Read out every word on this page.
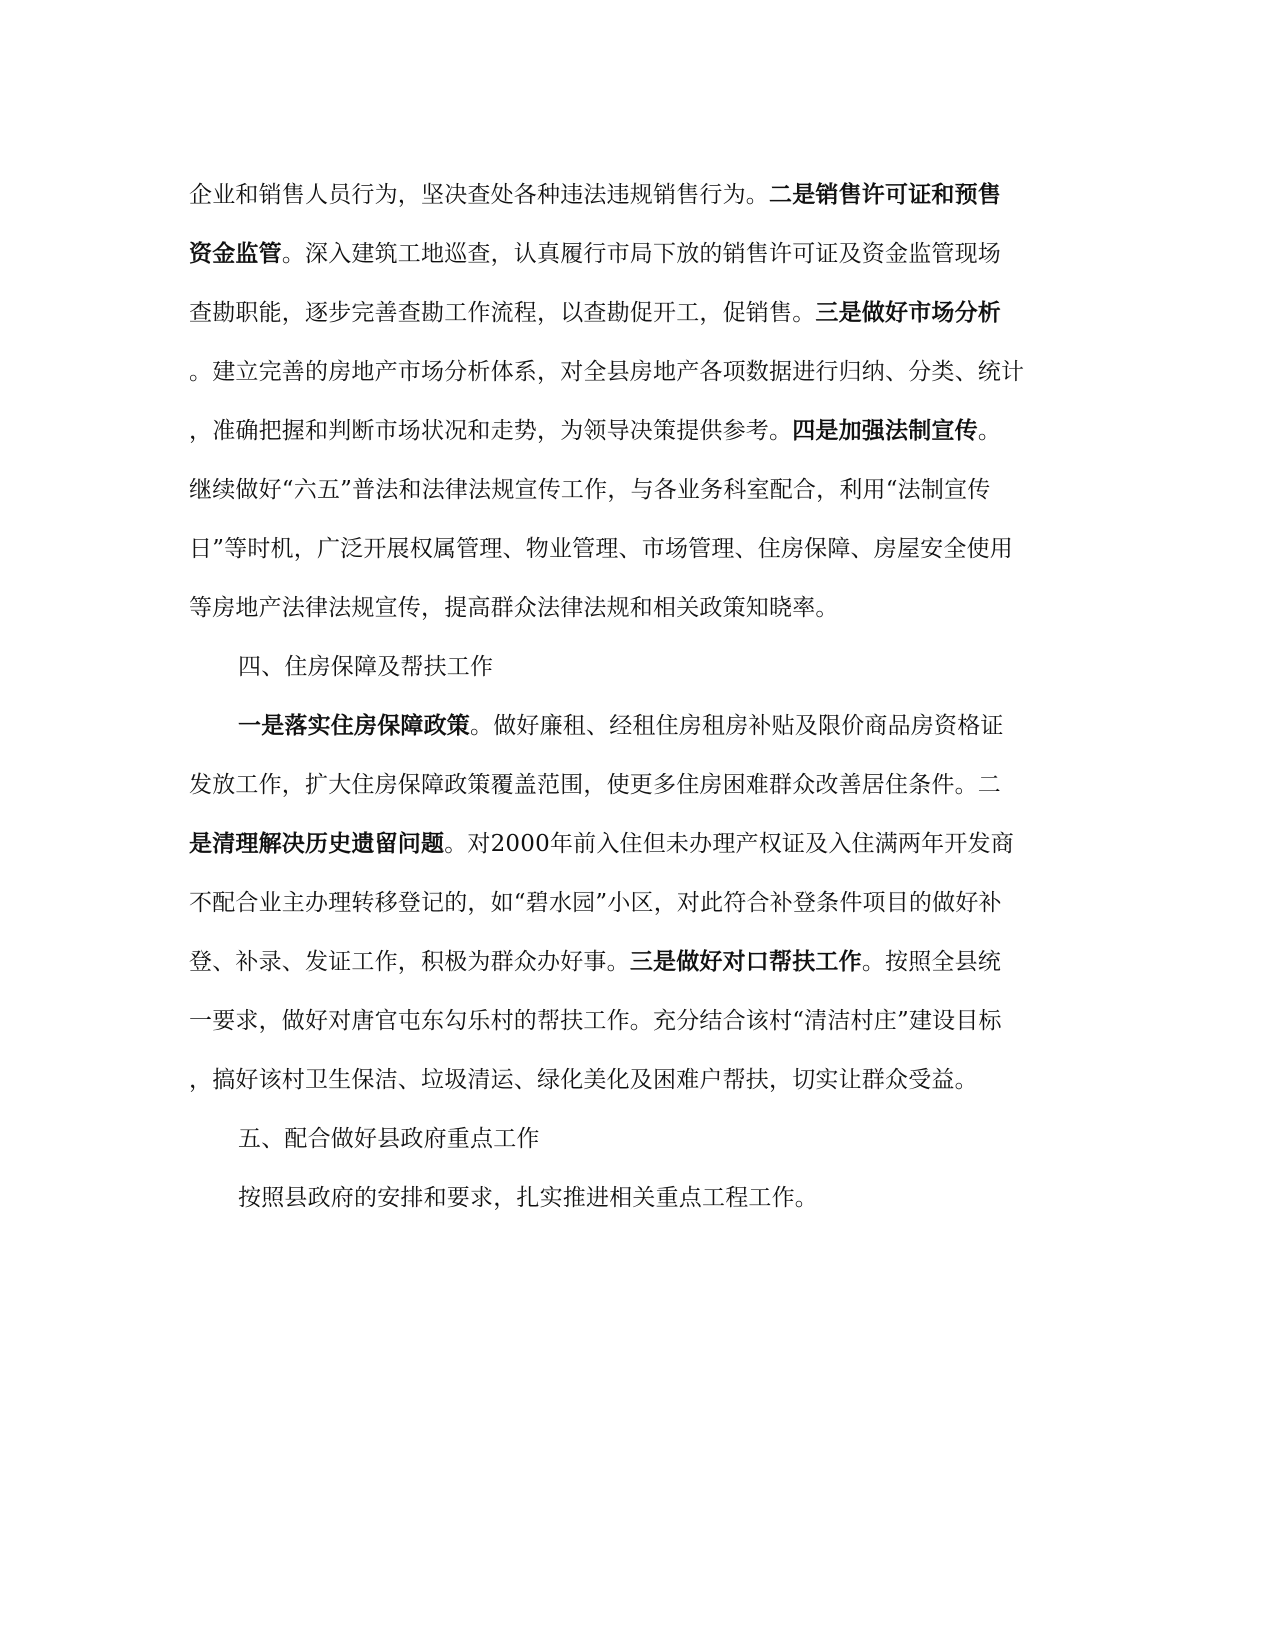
企业和销售人员行为，坚决查处各种违法违规销售行为。二是销售许可证和预售
资金监管。深入建筑工地巡查，认真履行市局下放的销售许可证及资金监管现场
查勘职能，逐步完善查勘工作流程，以查勘促开工，促销售。三是做好市场分析
。建立完善的房地产市场分析体系，对全县房地产各项数据进行归纳、分类、统计
，准确把握和判断市场状况和走势，为领导决策提供参考。四是加强法制宣传。
继续做好“六五”普法和法律法规宣传工作，与各业务科室配合，利用“法制宣传
日”等时机，广泛开展权属管理、物业管理、市场管理、住房保障、房屋安全使用
等房地产法律法规宣传，提高群众法律法规和相关政策知晓率。
四、住房保障及帮扶工作
一是落实住房保障政策。做好廉租、经租住房租房补贴及限价商品房资格证
发放工作，扩大住房保障政策覆盖范围，使更多住房困难群众改善居住条件。二
是清理解决历史遗留问题。对2000年前入住但未办理产权证及入住满两年开发商
不配合业主办理转移登记的，如“碧水园”小区，对此符合补登条件项目的做好补
登、补录、发证工作，积极为群众办好事。三是做好对口帮扶工作。按照全县统
一要求，做好对唐官屯东勾乐村的帮扶工作。充分结合该村“清洁村庄”建设目标
，搞好该村卫生保洁、垃圾清运、绿化美化及困难户帮扶，切实让群众受益。
五、配合做好县政府重点工作
按照县政府的安排和要求，扎实推进相关重点工程工作。
